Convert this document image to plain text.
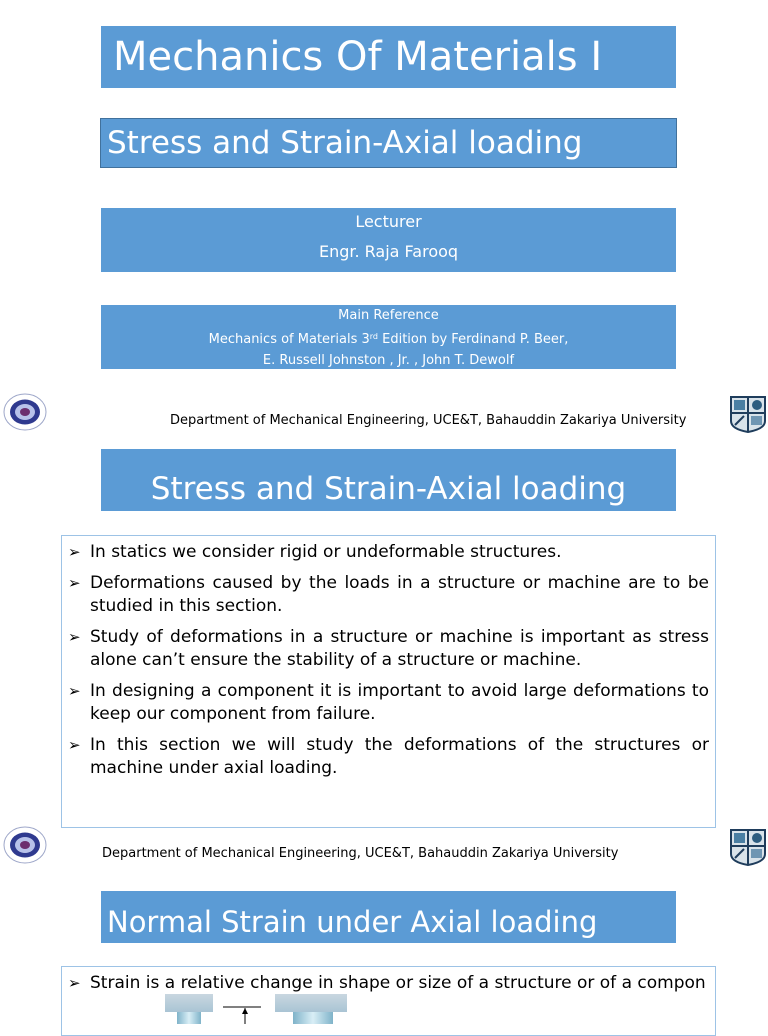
Mechanics Of Materials I
Stress and Strain-Axial loading
Lecturer
Engr. Raja Farooq
Main Reference
Mechanics of Materials 3rd Edition by Ferdinand P. Beer,
E. Russell Johnston , Jr. , John T. Dewolf
Department of Mechanical Engineering, UCE&T, Bahauddin Zakariya University
Stress and Strain-Axial loading
➢ In statics we consider rigid or undeformable structures.
➢ Deformations caused by the loads in a structure or machine are to be studied in this section.
➢ Study of deformations in a structure or machine is important as stress alone can’t ensure the stability of a structure or machine.
➢ In designing a component it is important to avoid large deformations to keep our component from failure.
➢ In this section we will study the deformations of the structures or machine under axial loading.
Department of Mechanical Engineering, UCE&T, Bahauddin Zakariya University
Normal Strain under Axial loading
➢ Strain is a relative change in shape or size of a structure or of a compon
